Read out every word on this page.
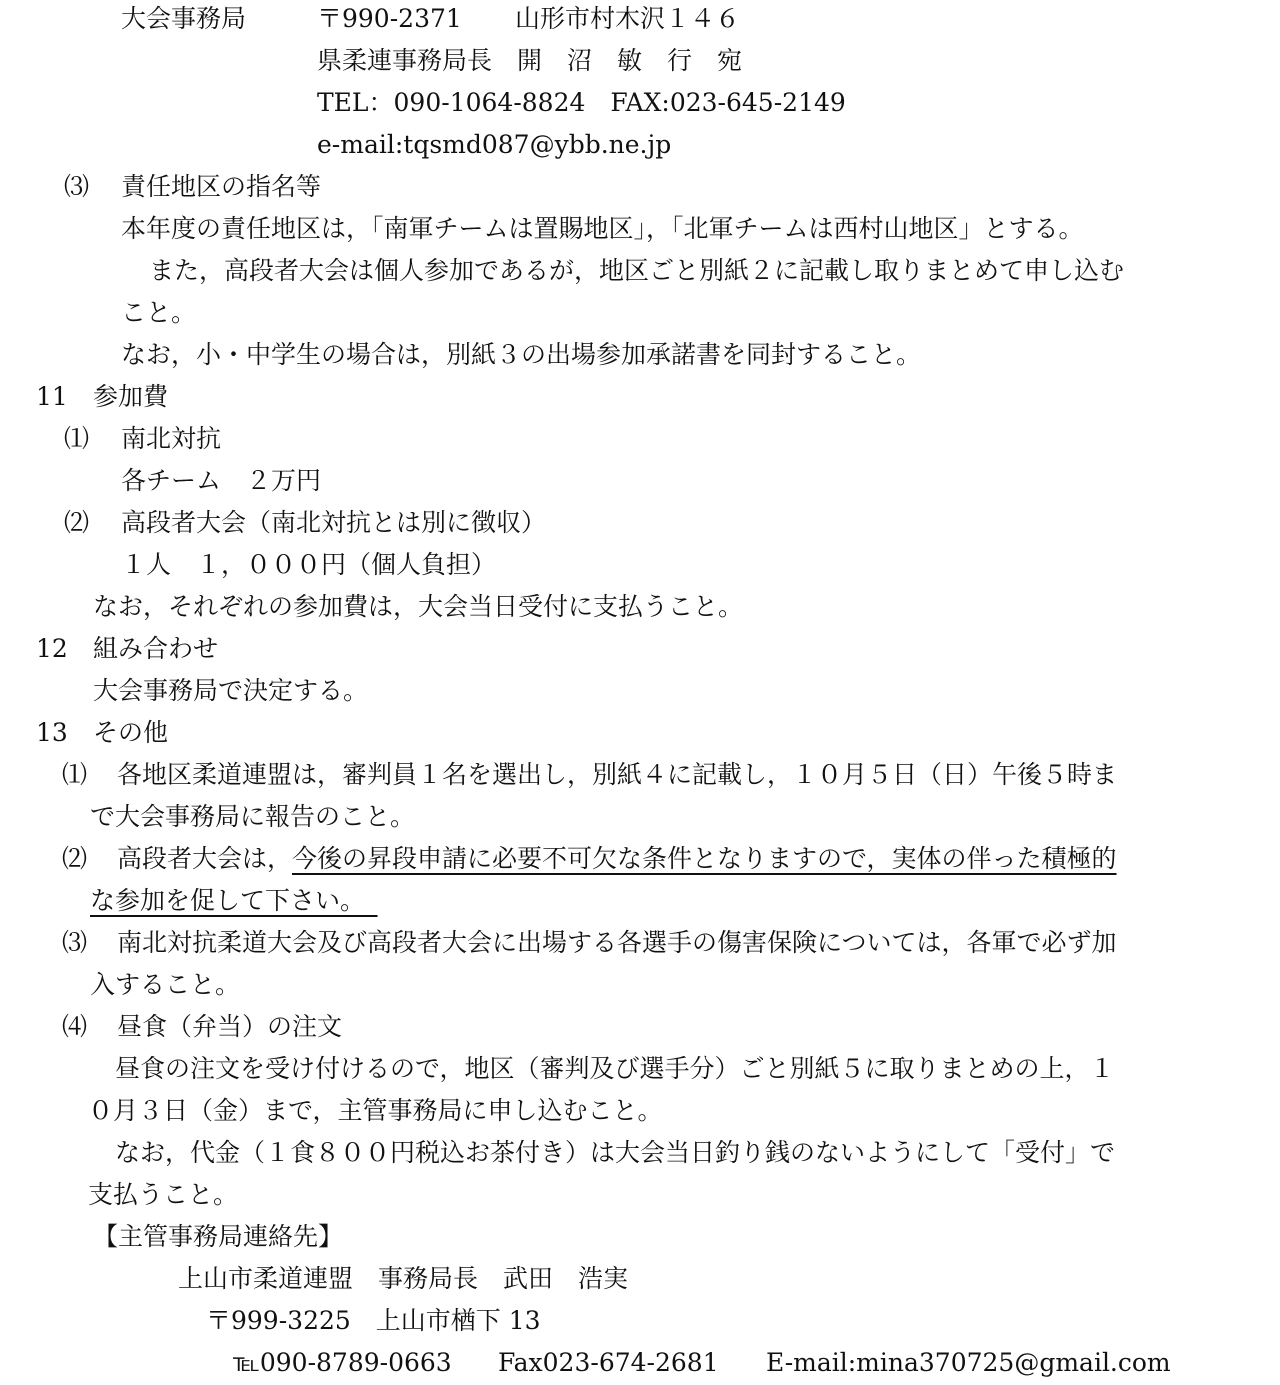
大会事務局	〒990-2371 山形市村木沢１４６
県柔連事務局長　開　沼　敏　行　宛
TEL：090-1064-8824　FAX:023-645-2149
e-mail:tqsmd087@ybb.ne.jp
⑶ 責任地区の指名等
本年度の責任地区は，「南軍チームは置賜地区」，「北軍チームは西村山地区」とする。
また，高段者大会は個人参加であるが，地区ごと別紙２に記載し取りまとめて申し込む
こと。
なお，小・中学生の場合は，別紙３の出場参加承諾書を同封すること。
11 参加費
⑴ 南北対抗
各チーム　２万円
⑵ 高段者大会（南北対抗とは別に徴収）
１人　１，０００円（個人負担）
なお，それぞれの参加費は，大会当日受付に支払うこと。
12 組み合わせ
大会事務局で決定する。
13 その他
⑴ 各地区柔道連盟は，審判員１名を選出し，別紙４に記載し，１０月５日（日）午後５時ま
で大会事務局に報告のこと。
⑵ 高段者大会は，今後の昇段申請に必要不可欠な条件となりますので，実体の伴った積極的
な参加を促して下さい。　
⑶ 南北対抗柔道大会及び高段者大会に出場する各選手の傷害保険については，各軍で必ず加
入すること。
⑷ 昼食（弁当）の注文
昼食の注文を受け付けるので，地区（審判及び選手分）ごと別紙５に取りまとめの上，１
０月３日（金）まで，主管事務局に申し込むこと。
なお，代金（１食８００円税込お茶付き）は大会当日釣り銭のないようにして「受付」で
支払うこと。
【主管事務局連絡先】
上山市柔道連盟　事務局長　武田　浩実
〒999-3225　上山市楢下 13
℡090-8789-0663 Fax023-674-2681 E-mail:mina370725@gmail.com
